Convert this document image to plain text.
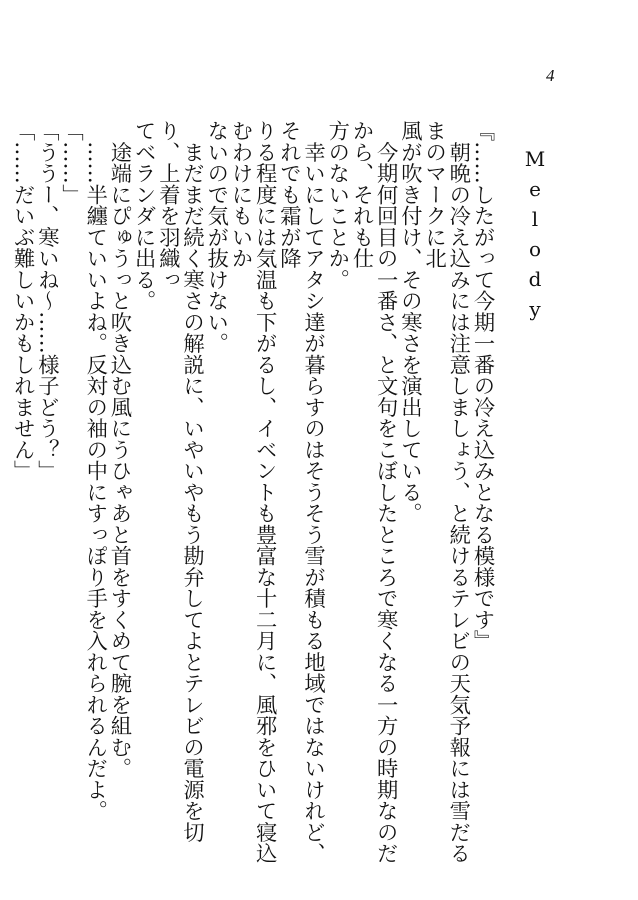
4
Melody

『……したがって今期一番の冷え込みとなる模様です』

　朝晩の冷え込みには注意しましょう、と続けるテレビの天気予報には雪だるまのマークに北

風が吹き付け、その寒さを演出している。

　今期何回目の一番さ、と文句をこぼしたところで寒くなる一方の時期なのだから、それも仕

方のないことか。

　幸いにしてアタシ達が暮らすのはそうそう雪が積もる地域ではないけれど、それでも霜が降

りる程度には気温も下がるし、イベントも豊富な十二月に、風邪をひいて寝込むわけにもいか

ないので気が抜けない。

　まだまだ続く寒さの解説に、いやいやもう勘弁してよとテレビの電源を切り、上着を羽織っ

てベランダに出る。

　途端にぴゅうっと吹き込む風にうひゃあと首をすくめて腕を組む。

　……半纏ていいよね。反対の袖の中にすっぽり手を入れられるんだよ。

「……」

「ううー、寒いね～……様子どう？」

「……だいぶ難しいかもしれません」
